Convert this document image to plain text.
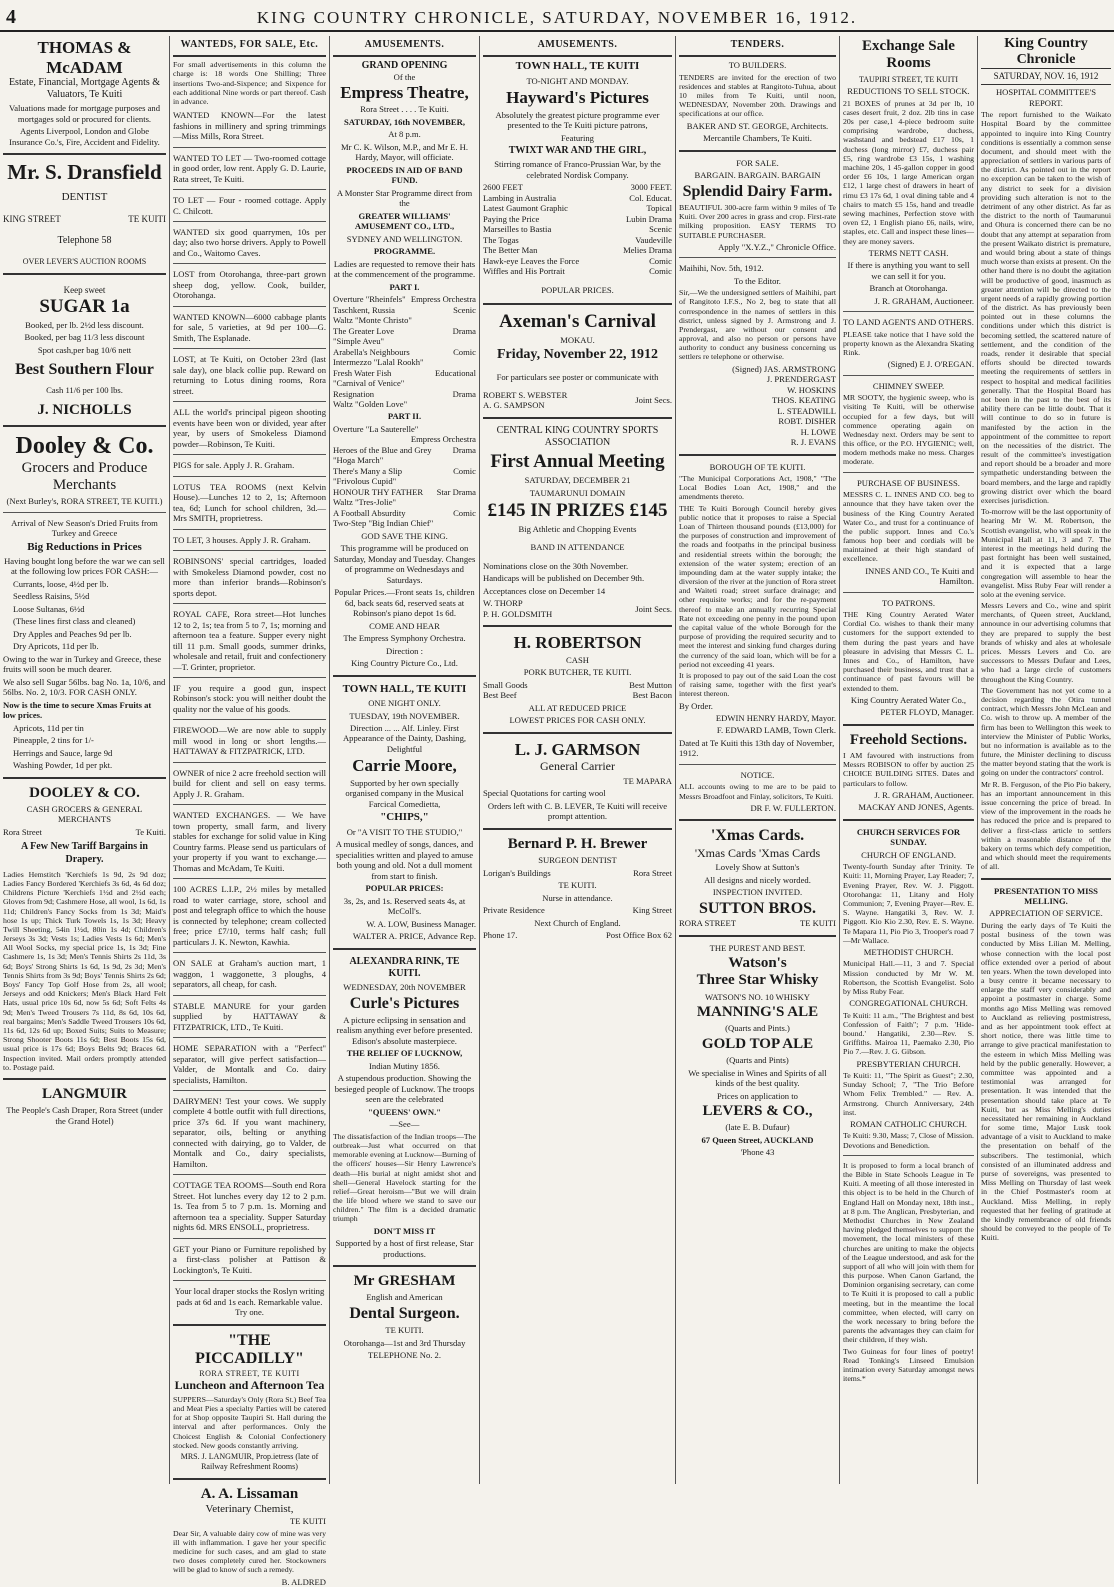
4	KING COUNTRY CHRONICLE, SATURDAY, NOVEMBER 16, 1912.
THOMAS & McADAM
Estate, Financial, Mortgage Agents & Valuators, Te Kuiti

Valuations made for mortgage purposes and mortgages sold or procured for clients.

Agents Liverpool, London and Globe Insurance Co.'s, Fire, Accident and Fidelity.

Mr. S. Dransfield
DENTIST
KING STREET	TE KUITI
Telephone 58
OVER LEVER'S AUCTION ROOMS
Keep sweet
SUGAR 1a

Booked, per lb. 2½d less discount.

Booked, per bag 11/3 less discount

Spot cash,per bag 10/6 nett

Best Southern Flour

Cash 11/6 per 100 lbs.

J. NICHOLLS
Dooley & Co.
Grocers and Produce Merchants

(Next Burley's, RORA STREET, TE KUITI.)

Arrival of New Season's Dried Fruits from Turkey and Greece

Big Reductions in Prices

Having bought long before the war we can sell at the following low prices FOR CASH:—

Currants, loose, 4½d per lb.

Seedless Raisins, 5½d

Loose Sultanas, 6½d

(These lines first class and cleaned)

Dry Apples and Peaches 9d per lb.

Dry Apricots, 11d per lb.

Owing to the war in Turkey and Greece, these fruits will soon be much dearer.

We also sell Sugar 56lbs. bag No. 1a, 10/6, and 56lbs. No. 2, 10/3. FOR CASH ONLY.

Now is the time to secure Xmas Fruits at low prices.

Apricots, 11d per tin

Pineapple, 2 tins for 1/-

Herrings and Sauce, large 9d

Washing Powder, 1d per pkt.

DOOLEY & CO.

CASH GROCERS & GENERAL MERCHANTS

Rora Street	Te Kuiti.
A Few New Tariff Bargains in Drapery.

Ladies Hemstitch 'Kerchiefs 1s 9d, 2s 9d doz; Ladies Fancy Bordered 'Kerchiefs 3s 6d, 4s 6d doz; Childrens Picture 'Kerchiefs 1½d and 2½d each; Gloves from 9d; Cashmere Hose, all wool, 1s 6d, 1s 11d; Children's Fancy Socks from 1s 3d; Maid's hose 1s up; Thick Turk Towels 1s, 1s 3d; Heavy Twill Sheeting, 54in 1½d, 80in 1s 4d; Children's Jerseys 3s 3d; Vests 1s; Ladies Vests 1s 6d; Men's All Wool Socks, my special price 1s, 1s 3d; Fine Cashmere 1s, 1s 3d; Men's Tennis Shirts 2s 11d, 3s 6d; Boys' Strong Shirts 1s 6d, 1s 9d, 2s 3d; Men's Tennis Shirts from 3s 9d; Boys' Tennis Shirts 2s 6d; Boys' Fancy Top Golf Hose from 2s, all wool; Jerseys and odd Knickers; Men's Black Hard Felt Hats, usual price 10s 6d, now 5s 6d; Soft Felts 4s 9d; Men's Tweed Trousers 7s 11d, 8s 6d, 10s 6d, real bargains; Men's Saddle Tweed Trousers 10s 6d, 11s 6d, 12s 6d up; Boxed Suits; Suits to Measure; Strong Shooter Boots 11s 6d; Best Boots 15s 6d, usual price is 17s 6d; Boys Belts 9d; Braces 6d. Inspection invited. Mail orders promptly attended to. Postage paid.

LANGMUIR

The People's Cash Draper, Rora Street (under the Grand Hotel)

WANTEDS, FOR SALE, Etc.

For small advertisements in this column the charge is: 18 words One Shilling; Three insertions Two-and-Sixpence; and Sixpence for each additional Nine words or part thereof. Cash in advance.

WANTED KNOWN—For the latest fashions in millinery and spring trimmings—Miss Mills, Rora Street.
WANTED TO LET — Two-roomed cottage in good order, low rent. Apply G. D. Laurie, Rata street, Te Kuiti.
TO LET — Four - roomed cottage. Apply C. Chilcott.
WANTED six good quarrymen, 10s per day; also two horse drivers. Apply to Powell and Co., Waitomo Caves.
LOST from Otorohanga, three-part grown sheep dog, yellow. Cook, builder, Otorohanga.
WANTED KNOWN—6000 cabbage plants for sale, 5 varieties, at 9d per 100—G. Smith, The Esplanade.
LOST, at Te Kuiti, on October 23rd (last sale day), one black collie pup. Reward on returning to Lotus dining rooms, Rora street.
ALL the world's principal pigeon shooting events have been won or divided, year after year, by users of Smokeless Diamond powder—Robinson, Te Kuiti.
PIGS for sale. Apply J. R. Graham.
LOTUS TEA ROOMS (next Kelvin House).—Lunches 12 to 2, 1s; Afternoon tea, 6d; Lunch for school children, 3d.—Mrs SMITH, proprietress.
TO LET, 3 houses. Apply J. R. Graham.
ROBINSONS' special cartridges, loaded with Smokeless Diamond powder, cost no more than inferior brands—Robinson's sports depot.
ROYAL CAFE, Rora street—Hot lunches 12 to 2, 1s; tea from 5 to 7, 1s; morning and afternoon tea a feature. Supper every night till 11 p.m. Small goods, summer drinks, wholesale and retail, fruit and confectionery—T. Grinter, proprietor.
IF you require a good gun, inspect Robinson's stock: you will neither doubt the quality nor the value of his goods.
FIREWOOD—We are now able to supply mill wood in long or short lengths.—HATTAWAY & FITZPATRICK, LTD.
OWNER of nice 2 acre freehold section will build for client and sell on easy terms. Apply J. R. Graham.
WANTED EXCHANGES. — We have town property, small farm, and livery stables for exchange for solid value in King Country farms. Please send us particulars of your property if you want to exchange.—Thomas and McAdam, Te Kuiti.
100 ACRES L.I.P., 2½ miles by metalled road to water carriage, store, school and post and telegraph office to which the house is connected by telephone; cream collected free; price £7/10, terms half cash; full particulars J. K. Newton, Kawhia.
ON SALE at Graham's auction mart, 1 waggon, 1 waggonette, 3 ploughs, 4 separators, all cheap, for cash.
STABLE MANURE for your garden supplied by HATTAWAY & FITZPATRICK, LTD., Te Kuiti.
HOME SEPARATION with a "Perfect" separator, will give perfect satisfaction—Valder, de Montalk and Co. dairy specialists, Hamilton.
DAIRYMEN! Test your cows. We supply complete 4 bottle outfit with full directions, price 37s 6d. If you want machinery, separator, oils, belting or anything connected with dairying, go to Valder, de Montalk and Co., dairy specialists, Hamilton.
COTTAGE TEA ROOMS—South end Rora Street. Hot lunches every day 12 to 2 p.m. 1s. Tea from 5 to 7 p.m. 1s. Morning and afternoon tea a speciality. Supper Saturday nights 6d. MRS ENSOLL, proprietress.
GET your Piano or Furniture repolished by a first-class polisher at Pattison & Lockington's, Te Kuiti.

Your local draper stocks the Roslyn writing pads at 6d and 1s each. Remarkable value. Try one.

"THE PICCADILLY"
RORA STREET, TE KUITI
Luncheon and Afternoon Tea

SUPPERS—Saturday's Only (Rora St.) Beef Tea and Meat Pies a specialty Parties will be catered for at Shop opposite Taupiri St. Hall during the interval and after performances. Only the Choicest English & Colonial Confectionery stocked. New goods constantly arriving.

MRS. J. LANGMUIR, Prop.ietress (late of Railway Refreshment Rooms)

A. A. Lissaman
Veterinary Chemist,
TE KUITI

Dear Sir, A valuable dairy cow of mine was very ill with inflammation. I gave her your specific medicine for such cases, and am glad to state two doses completely cured her. Stockowners will be glad to know of such a remedy.

B. ALDRED
AMUSEMENTS.
GRAND OPENING
Of the
Empress Theatre,

Rora Street . . . . Te Kuiti.

SATURDAY, 16th NOVEMBER,

At 8 p.m.

Mr C. K. Wilson, M.P., and Mr E. H. Hardy, Mayor, will officiate.

PROCEEDS IN AID OF BAND FUND.

A Monster Star Programme direct from the

GREATER WILLIAMS' AMUSEMENT CO., LTD.,

SYDNEY AND WELLINGTON.

PROGRAMME.

Ladies are requested to remove their hats at the commencement of the programme.

PART I.

Overture "Rheinfels" Empress Orchestra
Taschkent, Russia	Scenic
Waltz "Monte Christo"
The Greater Love	Drama
"Simple Aveu"
Arabella's Neighbours	Comic
Intermezzo "Lalal Rookh"
Fresh Water Fish	Educational
"Carnival of Venice"
Resignation	Drama
Waltz "Golden Love"

PART II.

Overture "La Sauterelle"
Empress Orchestra
Heroes of the Blue and Grey Drama
"Hoga March"
There's Many a Slip	Comic
"Frivolous Cupid"
HONOUR THY FATHER Star Drama
Waltz "Tres-Jolie"
A Football Absurdity	Comic
Two-Step "Big Indian Chief"

GOD SAVE THE KING.

This programme will be produced on Saturday, Monday and Tuesday. Changes of programme on Wednesdays and Saturdays.

Popular Prices.—Front seats 1s, children 6d, back seats 6d, reserved seats at Robinson's piano depot 1s 6d.

COME AND HEAR

The Empress Symphony Orchestra.

Direction :

King Country Picture Co., Ltd.

TOWN HALL, TE KUITI

ONE NIGHT ONLY.

TUESDAY, 19th NOVEMBER.

Direction ... ... Alf. Linley. First Appearance of the Dainty, Dashing, Delightful

Carrie Moore,

Supported by her own specially organised company in the Musical Farcical Comedietta,

"CHIPS,"

Or "A VISIT TO THE STUDIO,"

A musical medley of songs, dances, and specialities written and played to amuse both young and old. Not a dull moment from start to finish.

POPULAR PRICES:

3s, 2s, and 1s. Reserved seats 4s, at McColl's.

W. A. LOW, Business Manager.

WALTER A. PRICE, Advance Rep.

ALEXANDRA RINK, TE KUITI.

WEDNESDAY, 20th NOVEMBER

Curle's Pictures

A picture eclipsing in sensation and realism anything ever before presented. Edison's absolute masterpiece.

THE RELIEF OF LUCKNOW,

Indian Mutiny 1856.

A stupendous production. Showing the besieged people of Lucknow. The troops seen are the celebrated

"QUEENS' OWN."

—See—

The dissatisfaction of the Indian troops—The outbreak—Just what occurred on that memorable evening at Lucknow—Burning of the officers' houses—Sir Henry Lawrence's death—His burial at night amidst shot and shell—General Havelock starting for the relief—Great heroism—"But we will drain the life blood where we stand to save our children." The film is a decided dramatic triumph

DON'T MISS IT

Supported by a host of first release, Star productions.

Mr GRESHAM

English and American

Dental Surgeon.

TE KUITI.

Otorohanga—1st and 3rd Thursday

TELEPHONE No. 2.

AMUSEMENTS.
TOWN HALL, TE KUITI

TO-NIGHT AND MONDAY.

Hayward's Pictures

Absolutely the greatest picture programme ever presented to the Te Kuiti picture patrons,

Featuring

TWIXT WAR AND THE GIRL,

Stirring romance of Franco-Prussian War, by the celebrated Nordisk Company.

2600 FEET	3000 FEET.
Lambing in Australia	Col. Educat.
Latest Gaumont Graphic	Topical
Paying the Price	Lubin Drama
Marseilles to Bastia	Scenic
The Togas	Vaudeville
The Better Man	Melies Drama
Hawk-eye Leaves the Force	Comic
Wiffles and His Portrait	Comic

POPULAR PRICES.

Axeman's Carnival

MOKAU.

Friday, November 22, 1912

For particulars see poster or communicate with

ROBERT S. WEBSTER
A. G. SAMPSON
Joint Secs.

CENTRAL KING COUNTRY SPORTS ASSOCIATION

First Annual Meeting

SATURDAY, DECEMBER 21

TAUMARUNUI DOMAIN

£145 IN PRIZES £145

Big Athletic and Chopping Events

BAND IN ATTENDANCE

Nominations close on the 30th November.

Handicaps will be published on December 9th.

Acceptances close on December 14

W. THORP
P. H. GOLDSMITH
Joint Secs.
H. ROBERTSON

CASH

PORK BUTCHER, TE KUITI.

Small Goods	Best Mutton
Best Beef	Best Bacon

ALL AT REDUCED PRICE

LOWEST PRICES FOR CASH ONLY.

L. J. GARMSON
General Carrier

TE MAPARA

Special Quotations for carting wool

Orders left with C. B. LEVER, Te Kuiti will receive prompt attention.

Bernard P. H. Brewer

SURGEON DENTIST

Lorigan's Buildings	Rora Street

TE KUITI.

Nurse in attendance.

Private Residence	King Street

Next Church of England.

Phone 17.	Post Office Box 62
TENDERS.

TO BUILDERS.

TENDERS are invited for the erection of two residences and stables at Rangitoto-Tuhua, about 10 miles from Te Kuiti, until noon, WEDNESDAY, November 20th. Drawings and specifications at our office.

BAKER AND ST. GEORGE, Architects.

Mercantile Chambers, Te Kuiti.

FOR SALE.

BARGAIN. BARGAIN. BARGAIN

Splendid Dairy Farm.

BEAUTIFUL 300-acre farm within 9 miles of Te Kuiti. Over 200 acres in grass and crop. First-rate milking proposition. EASY TERMS TO SUITABLE PURCHASER.

Apply "X.Y.Z.," Chronicle Office.

Maihihi, Nov. 5th, 1912.

To the Editor.

Sir,—We the undersigned settlers of Maihihi, part of Rangitoto I.F.S., No 2, beg to state that all correspondence in the names of settlers in this district, unless signed by J. Armstrong and J. Prendergast, are without our consent and approval, and also no person or persons have authority to conduct any business concerning us settlers re telephone or otherwise.

(Signed) JAS. ARMSTRONG
J. PRENDERGAST
W. HOSKINS
THOS. KEATING
L. STEADWILL
ROBT. DISHER
H. LOWE
R. J. EVANS

BOROUGH OF TE KUITI.

"The Municipal Corporations Act, 1908," "The Local Bodies Loan Act, 1908," and the amendments thereto.

THE Te Kuiti Borough Council hereby gives public notice that it proposes to raise a Special Loan of Thirteen thousand pounds (£13,000) for the purposes of construction and improvement of the roads and footpaths in the principal business and residential streets within the borough; the extension of the water system; erection of an impounding dam at the water supply intake; the diversion of the river at the junction of Rora street and Waiteti road; street surface drainage; and other requisite works; and for the re-payment thereof to make an annually recurring Special Rate not exceeding one penny in the pound upon the capital value of the whole Borough for the purpose of providing the required security and to meet the interest and sinking fund charges during the currency of the said loan, which will be for a period not exceeding 41 years.

It is proposed to pay out of the said Loan the cost of raising same, together with the first year's interest thereon.

By Order.

EDWIN HENRY HARDY, Mayor.

F. EDWARD LAMB, Town Clerk.

Dated at Te Kuiti this 13th day of November, 1912.

NOTICE.

ALL accounts owing to me are to be paid to Messrs Broadfoot and Finlay, solicitors, Te Kuiti.

DR F. W. FULLERTON.

'Xmas Cards.
'Xmas Cards 'Xmas Cards

Lovely Show at Sutton's

All designs and nicely worded.

INSPECTION INVITED.

SUTTON BROS.
RORA STREET	TE KUITI

THE PUREST AND BEST.

Watson's
Three Star Whisky

WATSON'S NO. 10 WHISKY

MANNING'S ALE

(Quarts and Pints.)

GOLD TOP ALE

(Quarts and Pints)

We specialise in Wines and Spirits of all kinds of the best quality.

Prices on application to

LEVERS & CO.,

(late E. B. Dufaur)

67 Queen Street, AUCKLAND

'Phone 43

Exchange Sale Rooms

TAUPIRI STREET, TE KUITI

REDUCTIONS TO SELL STOCK.

21 BOXES of prunes at 3d per lb, 10 cases desert fruit, 2 doz. 2lb tins in case 20s per case,1 4-piece bedroom suite comprising wardrobe, duchess, washstand and bedstead £17 10s, 1 duchess (long mirror) £7, duchess pair £5, ring wardrobe £3 15s, 1 washing machine 20s, 1 45-gallon copper in good order £6 10s, 1 large American organ £12, 1 large chest of drawers in heart of rimu £3 17s 6d, 1 oval dining table and 4 chairs to match £5 15s, hand and treadle sewing machines, Perfection stove with oven £2, 1 English piano £6, nails, wire, staples, etc. Call and inspect these lines—they are money savers.

TERMS NETT CASH.

If there is anything you want to sell we can sell it for you.

Branch at Otorohanga.

J. R. GRAHAM, Auctioneer.

TO LAND AGENTS AND OTHERS.

PLEASE take notice that I have sold the property known as the Alexandra Skating Rink.

(Signed) E J. O'REGAN.

CHIMNEY SWEEP.

MR SOOTY, the hygienic sweep, who is visiting Te Kuiti, will be otherwise occupied for a few days, but will commence operating again on Wednesday next. Orders may be sent to this office, or the P.O. HYGIENIC; well, modern methods make no mess. Charges moderate.

PURCHASE OF BUSINESS.

MESSRS C. L. INNES AND CO. beg to announce that they have taken over the business of the King Country Aerated Water Co., and trust for a continuance of the public support. Innes and Co.'s famous hop beer and cordials will be maintained at their high standard of excellence.

INNES AND CO., Te Kuiti and Hamilton.

TO PATRONS.

THE King Country Aerated Water Cordial Co. wishes to thank their many customers for the support extended to them during the past years and have pleasure in advising that Messrs C. L. Innes and Co., of Hamilton, have purchased their business, and trust that a continuance of past favours will be extended to them.

King Country Aerated Water Co.,

PETER FLOYD, Manager.

Freehold Sections.

I AM favoured with instructions from Messrs ROBISON to offer by auction 25 CHOICE BUILDING SITES. Dates and particulars to follow.

J. R. GRAHAM, Auctioneer.

MACKAY AND JONES, Agents.

CHURCH SERVICES FOR SUNDAY.

CHURCH OF ENGLAND.

Twenty-fourth Sunday after Trinity. Te Kuiti: 11, Morning Prayer, Lay Reader; 7, Evening Prayer, Rev. W. J. Piggott. Otorohanga: 11, Litany and Holy Communion; 7, Evening Prayer—Rev. E. S. Wayne. Hangatiki 3, Rev. W. J. Piggott. Kio Kio 2.30, Rev. E. S. Wayne. Te Mapara 11, Pio Pio 3, Trooper's road 7—Mr Wallace.

METHODIST CHURCH.

Municipal Hall.—11, 3 and 7. Special Mission conducted by Mr W. M. Robertson, the Scottish Evangelist. Solo by Miss Ruby Fear.

CONGREGATIONAL CHURCH.

Te Kuiti: 11 a.m., "The Brightest and best Confession of Faith"; 7 p.m. 'Hide-bound.' Hangatiki, 2.30—Rev. S. Griffiths. Mairoa 11, Paemako 2.30, Pio Pio 7.—Rev. J. G. Gibson.

PRESBYTERIAN CHURCH.

Te Kuiti: 11, "The Spirit as Guest"; 2.30, Sunday School; 7, "The Trio Before Whom Felix Trembled." — Rev. A. Armstrong. Church Anniversary, 24th inst.

ROMAN CATHOLIC CHURCH.

Te Kuiti: 9.30, Mass; 7, Close of Mission. Devotions and Benediction.

It is proposed to form a local branch of the Bible in State Schools League in Te Kuiti. A meeting of all those interested in this object is to be held in the Church of England Hall on Monday next, 18th inst., at 8 p.m. The Anglican, Presbyterian, and Methodist Churches in New Zealand having pledged themselves to support the movement, the local ministers of these churches are uniting to make the objects of the League understood, and ask for the support of all who will join with them for this purpose. When Canon Garland, the Dominion organising secretary, can come to Te Kuiti it is proposed to call a public meeting, but in the meantime the local committee, when elected, will carry on the work necessary to bring before the parents the advantages they can claim for their children, if they wish.

Two Guineas for four lines of poetry! Read Tonking's Linseed Emulsion intimation every Saturday amongst news items.*

King Country Chronicle
SATURDAY, NOV. 16, 1912

HOSPITAL COMMITTEE'S REPORT.

The report furnished to the Waikato Hospital Board by the committee appointed to inquire into King Country conditions is essentially a common sense document, and should meet with the appreciation of settlers in various parts of the district. As pointed out in the report no exception can be taken to the wish of any district to seek for a division providing such alteration is not to the detriment of any other district. As far as the district to the north of Taumarunui and Ohura is concerned there can be no doubt that any attempt at separation from the present Waikato district is premature, and would bring about a state of things much worse than exists at present. On the other hand there is no doubt the agitation will be productive of good, inasmuch as greater attention will be directed to the urgent needs of a rapidly growing portion of the district. As has previously been pointed out in these columns the conditions under which this district is becoming settled, the scattered nature of settlement, and the condition of the roads, render it desirable that special efforts should be directed towards meeting the requirements of settlers in respect to hospital and medical facilities generally. That the Hospital Board has not been in the past to the best of its ability there can be little doubt. That it will continue to do so in future is manifested by the action in the appointment of the committee to report on the necessities of the district. The result of the committee's investigation and report should be a broader and more sympathetic understanding between the board members, and the large and rapidly growing district over which the board exercises jurisdiction.

To-morrow will be the last opportunity of hearing Mr W. M. Robertson, the Scottish evangelist, who will speak in the Municipal Hall at 11, 3 and 7. The interest in the meetings held during the past fortnight has been well sustained, and it is expected that a large congregation will assemble to hear the evangelist. Miss Ruby Fear will render a solo at the evening service.

Messrs Levers and Co., wine and spirit merchants, of Queen street, Auckland, announce in our advertising columns that they are prepared to supply the best brands of whisky and ales at wholesale prices. Messrs Levers and Co. are successors to Messrs Dufaur and Lees, who had a large circle of customers throughout the King Country.

The Government has not yet come to a decision regarding the Otira tunnel contract, which Messrs John McLean and Co. wish to throw up. A member of the firm has been to Wellington this week to interview the Minister of Public Works, but no information is available as to the future, the Minister declining to discuss the matter beyond stating that the work is going on under the contractors' control.

Mr R. B. Ferguson, of the Pio Pio bakery, has an important announcement in this issue concerning the price of bread. In view of the improvement in the roads he has reduced the price and is prepared to deliver a first-class article to settlers within a reasonable distance of the bakery on terms which defy competition, and which should meet the requirements of all.

PRESENTATION TO MISS MELLING.

APPRECIATION OF SERVICE.

During the early days of Te Kuiti the postal business of the town was conducted by Miss Lilian M. Melling, whose connection with the local post office extended over a period of about ten years. When the town developed into a busy centre it became necessary to enlarge the staff very considerably and appoint a postmaster in charge. Some months ago Miss Melling was removed to Auckland as relieving postmistress, and as her appointment took effect at short notice, there was little time to arrange to give practical manifestation to the esteem in which Miss Melling was held by the public generally. However, a committee was appointed and a testimonial was arranged for presentation. It was intended that the presentation should take place at Te Kuiti, but as Miss Melling's duties necessitated her remaining in Auckland for some time, Major Lusk took advantage of a visit to Auckland to make the presentation on behalf of the subscribers. The testimonial, which consisted of an illuminated address and purse of sovereigns, was presented to Miss Melling on Thursday of last week in the Chief Postmaster's room at Auckland. Miss Melling, in reply requested that her feeling of gratitude at the kindly remembrance of old friends should be conveyed to the people of Te Kuiti.
